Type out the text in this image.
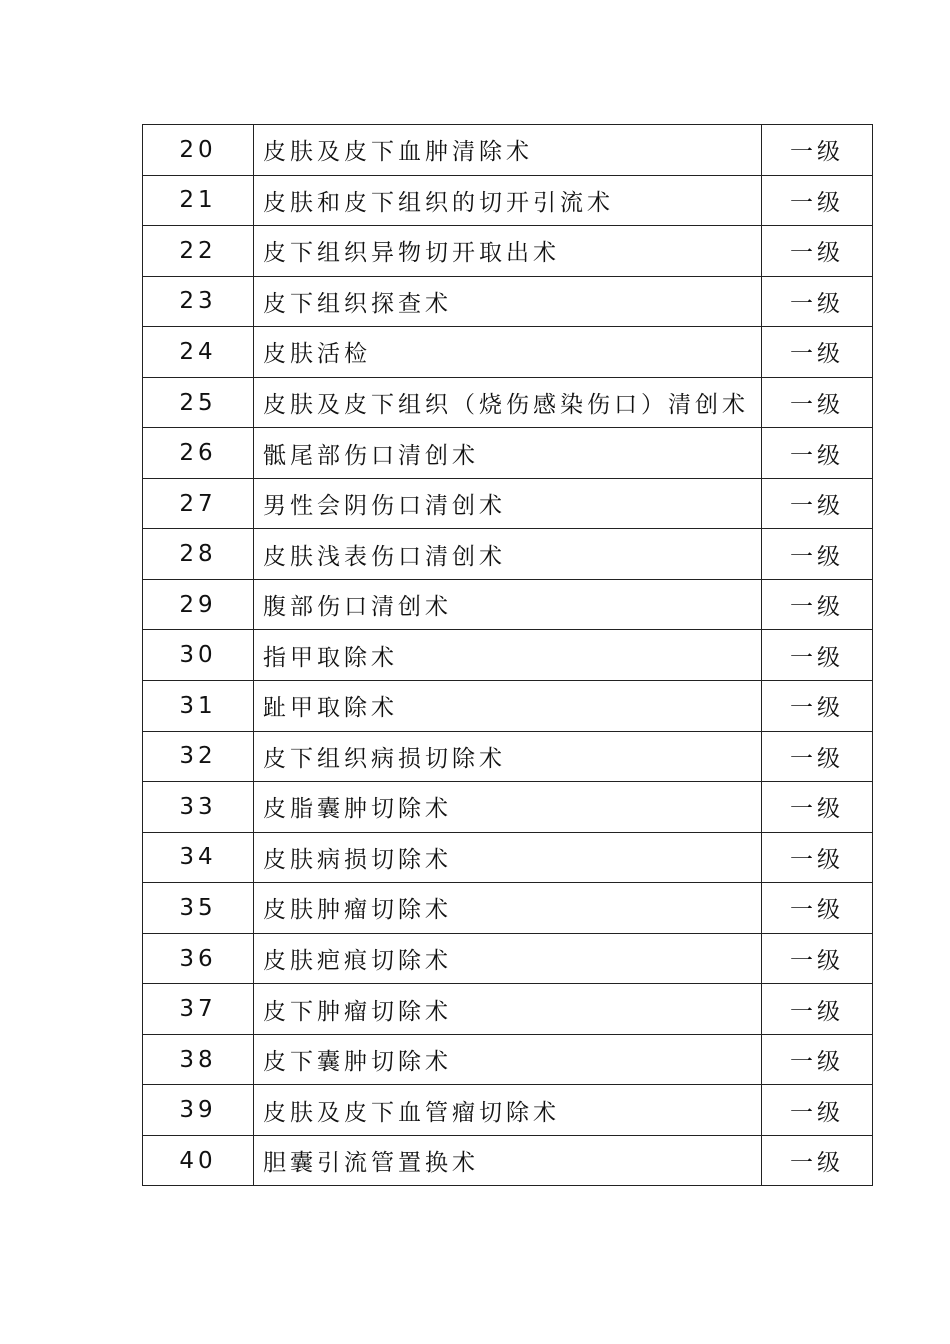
20	皮肤及皮下血肿清除术	一级
21	皮肤和皮下组织的切开引流术	一级
22	皮下组织异物切开取出术	一级
23	皮下组织探查术	一级
24	皮肤活检	一级
25	皮肤及皮下组织（烧伤感染伤口）清创术	一级
26	骶尾部伤口清创术	一级
27	男性会阴伤口清创术	一级
28	皮肤浅表伤口清创术	一级
29	腹部伤口清创术	一级
30	指甲取除术	一级
31	趾甲取除术	一级
32	皮下组织病损切除术	一级
33	皮脂囊肿切除术	一级
34	皮肤病损切除术	一级
35	皮肤肿瘤切除术	一级
36	皮肤疤痕切除术	一级
37	皮下肿瘤切除术	一级
38	皮下囊肿切除术	一级
39	皮肤及皮下血管瘤切除术	一级
40	胆囊引流管置换术	一级
